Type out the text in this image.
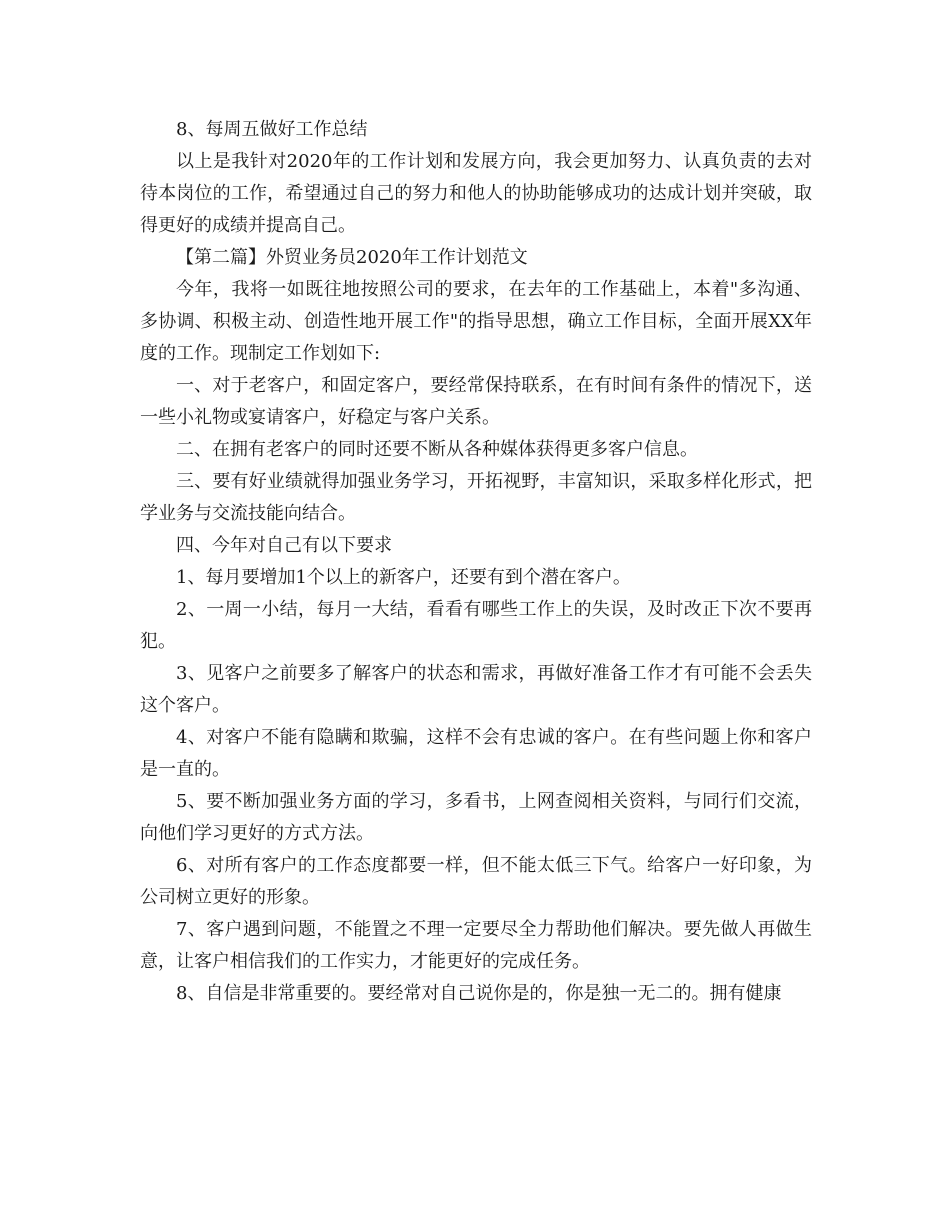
8、每周五做好工作总结

以上是我针对2020年的工作计划和发展方向，我会更加努力、认真负责的去对待本岗位的工作，希望通过自己的努力和他人的协助能够成功的达成计划并突破，取得更好的成绩并提高自己。

【第二篇】外贸业务员2020年工作计划范文

今年，我将一如既往地按照公司的要求，在去年的工作基础上，本着"多沟通、多协调、积极主动、创造性地开展工作"的指导思想，确立工作目标，全面开展XX年度的工作。现制定工作划如下:

一、对于老客户，和固定客户，要经常保持联系，在有时间有条件的情况下，送一些小礼物或宴请客户，好稳定与客户关系。

二、在拥有老客户的同时还要不断从各种媒体获得更多客户信息。

三、要有好业绩就得加强业务学习，开拓视野，丰富知识，采取多样化形式，把学业务与交流技能向结合。

四、今年对自己有以下要求

1、每月要增加1个以上的新客户，还要有到个潜在客户。

2、一周一小结，每月一大结，看看有哪些工作上的失误，及时改正下次不要再犯。

3、见客户之前要多了解客户的状态和需求，再做好准备工作才有可能不会丢失这个客户。

4、对客户不能有隐瞒和欺骗，这样不会有忠诚的客户。在有些问题上你和客户是一直的。

5、要不断加强业务方面的学习，多看书，上网查阅相关资料，与同行们交流，向他们学习更好的方式方法。

6、对所有客户的工作态度都要一样，但不能太低三下气。给客户一好印象，为公司树立更好的形象。

7、客户遇到问题，不能置之不理一定要尽全力帮助他们解决。要先做人再做生意，让客户相信我们的工作实力，才能更好的完成任务。

8、自信是非常重要的。要经常对自己说你是的，你是独一无二的。拥有健康
